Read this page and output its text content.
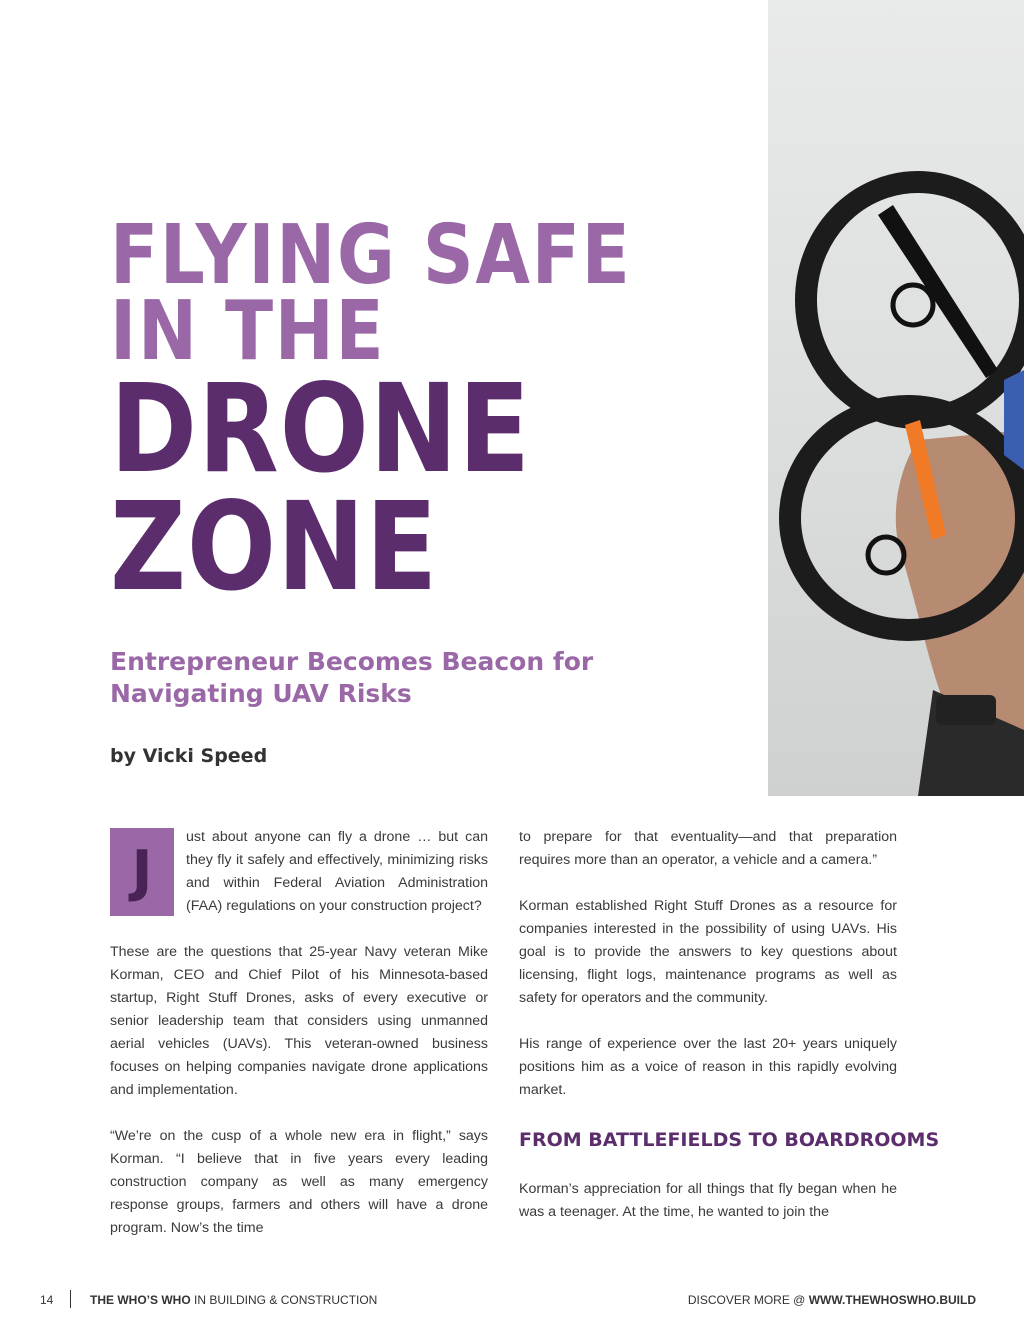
FLYING SAFE
IN THE
DRONE
ZONE
Entrepreneur Becomes Beacon for Navigating UAV Risks

by Vicki Speed

J
ust about anyone can fly a drone … but can they fly it safely and effectively, minimizing risks and within Federal Aviation Administration (FAA) regulations on your construction project?

These are the questions that 25-year Navy veteran Mike Korman, CEO and Chief Pilot of his Minnesota-based startup, Right Stuff Drones, asks of every executive or senior leadership team that considers using unmanned aerial vehicles (UAVs). This veteran-owned business focuses on helping companies navigate drone applications and implementation.

“We’re on the cusp of a whole new era in flight,” says Korman. “I believe that in five years every leading construction company as well as many emergency response groups, farmers and others will have a drone program. Now’s the time

to prepare for that eventuality—and that preparation requires more than an operator, a vehicle and a camera.”

Korman established Right Stuff Drones as a resource for companies interested in the possibility of using UAVs. His goal is to provide the answers to key questions about licensing, flight logs, maintenance programs as well as safety for operators and the community.

His range of experience over the last 20+ years uniquely positions him as a voice of reason in this rapidly evolving market.

FROM BATTLEFIELDS TO BOARDROOMS

Korman’s appreciation for all things that fly began when he was a teenager. At the time, he wanted to join the

14	THE WHO’S WHO IN BUILDING & CONSTRUCTION	DISCOVER MORE @ WWW.THEWHOSWHO.BUILD
